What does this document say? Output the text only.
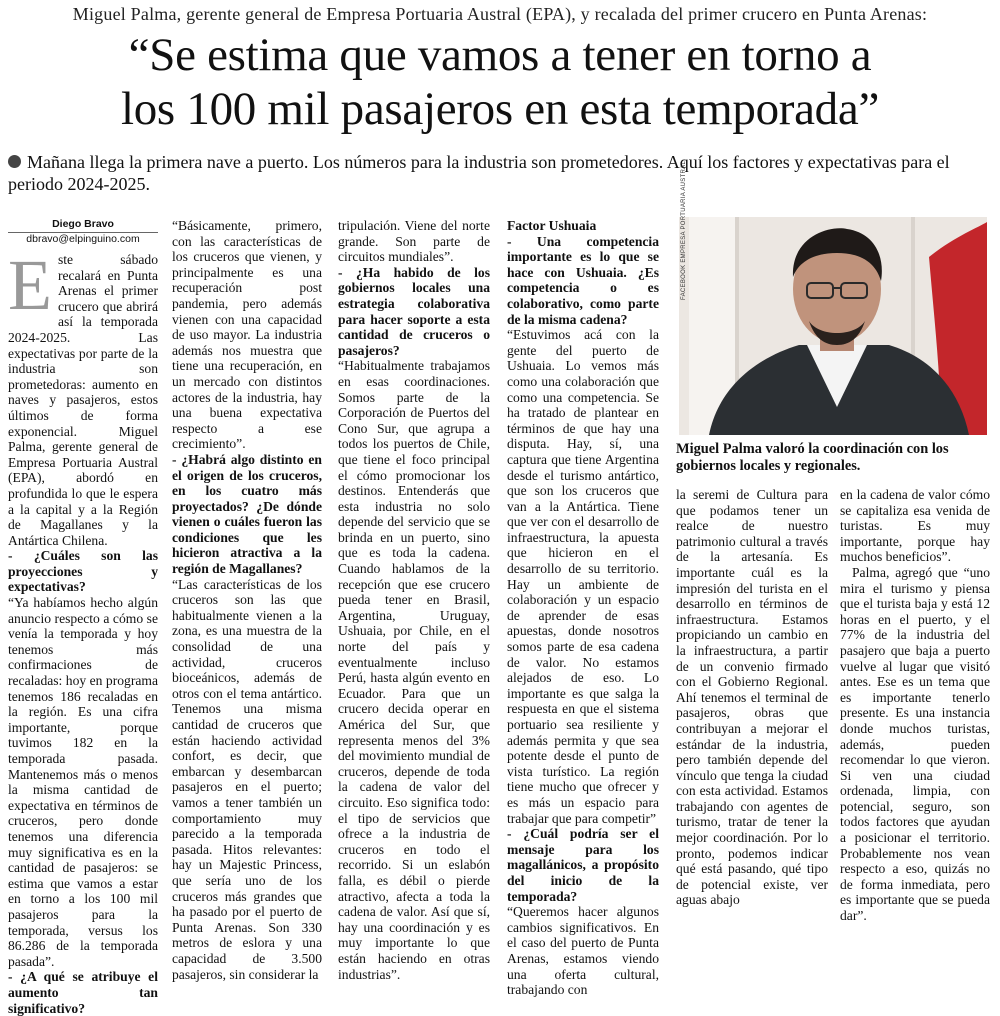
Miguel Palma, gerente general de Empresa Portuaria Austral (EPA), y recalada del primer crucero en Punta Arenas:
“Se estima que vamos a tener en torno a
los 100 mil pasajeros en esta temporada”
Mañana llega la primera nave a puerto. Los números para la industria son prometedores. Aquí los factores y expectativas para el periodo 2024-2025.
Diego Bravo
dbravo@elpinguino.com

Este sábado recalará en Punta Arenas el primer crucero que abrirá así la temporada 2024-2025. Las expectativas por parte de la industria son prometedoras: aumento en naves y pasajeros, estos últimos de forma exponencial. Miguel Palma, gerente general de Empresa Portuaria Austral (EPA), abordó en profundida lo que le espera a la capital y a la Región de Magallanes y la Antártica Chilena.

- ¿Cuáles son las proyecciones y expectativas?

“Ya habíamos hecho algún anuncio respecto a cómo se venía la temporada y hoy tenemos más confirmaciones de recaladas: hoy en programa tenemos 186 recaladas en la región. Es una cifra importante, porque tuvimos 182 en la temporada pasada. Mantenemos más o menos la misma cantidad de expectativa en términos de cruceros, pero donde tenemos una diferencia muy significativa es en la cantidad de pasajeros: se estima que vamos a estar en torno a los 100 mil pasajeros para la temporada, versus los 86.286 de la temporada pasada”.

- ¿A qué se atribuye el aumento tan significativo?

“Básicamente, primero, con las características de los cruceros que vienen, y principalmente es una recuperación post pandemia, pero además vienen con una capacidad de uso mayor. La industria además nos muestra que tiene una recuperación, en un mercado con distintos actores de la industria, hay una buena expectativa respecto a ese crecimiento”.

- ¿Habrá algo distinto en el origen de los cruceros, en los cuatro más proyectados? ¿De dónde vienen o cuáles fueron las condiciones que les hicieron atractiva a la región de Magallanes?

“Las características de los cruceros son las que habitualmente vienen a la zona, es una muestra de la consolidad de una actividad, cruceros bioceánicos, además de otros con el tema antártico. Tenemos una misma cantidad de cruceros que están haciendo actividad confort, es decir, que embarcan y desembarcan pasajeros en el puerto; vamos a tener también un comportamiento muy parecido a la temporada pasada. Hitos relevantes: hay un Majestic Princess, que sería uno de los cruceros más grandes que ha pasado por el puerto de Punta Arenas. Son 330 metros de eslora y una capacidad de 3.500 pasajeros, sin considerar la

tripulación. Viene del norte grande. Son parte de circuitos mundiales”.

- ¿Ha habido de los gobiernos locales una estrategia colaborativa para hacer soporte a esta cantidad de cruceros o pasajeros?

“Habitualmente trabajamos en esas coordinaciones. Somos parte de la Corporación de Puertos del Cono Sur, que agrupa a todos los puertos de Chile, que tiene el foco principal el cómo promocionar los destinos. Entenderás que esta industria no solo depende del servicio que se brinda en un puerto, sino que es toda la cadena. Cuando hablamos de la recepción que ese crucero pueda tener en Brasil, Argentina, Uruguay, Ushuaia, por Chile, en el norte del país y eventualmente incluso Perú, hasta algún evento en Ecuador. Para que un crucero decida operar en América del Sur, que representa menos del 3% del movimiento mundial de cruceros, depende de toda la cadena de valor del circuito. Eso significa todo: el tipo de servicios que ofrece a la industria de cruceros en todo el recorrido. Si un eslabón falla, es débil o pierde atractivo, afecta a toda la cadena de valor. Así que sí, hay una coordinación y es muy importante lo que están haciendo en otras industrias”.

Factor Ushuaia

- Una competencia importante es lo que se hace con Ushuaia. ¿Es competencia o es colaborativo, como parte de la misma cadena?

“Estuvimos acá con la gente del puerto de Ushuaia. Lo vemos más como una colaboración que como una competencia. Se ha tratado de plantear en términos de que hay una disputa. Hay, sí, una captura que tiene Argentina desde el turismo antártico, que son los cruceros que van a la Antártica. Tiene que ver con el desarrollo de infraestructura, la apuesta que hicieron en el desarrollo de su territorio. Hay un ambiente de colaboración y un espacio de aprender de esas apuestas, donde nosotros somos parte de esa cadena de valor. No estamos alejados de eso. Lo importante es que salga la respuesta en que el sistema portuario sea resiliente y además permita y que sea potente desde el punto de vista turístico. La región tiene mucho que ofrecer y es más un espacio para trabajar que para competir”

- ¿Cuál podría ser el mensaje para los magallánicos, a propósito del inicio de la temporada?

“Queremos hacer algunos cambios significativos. En el caso del puerto de Punta Arenas, estamos viendo una oferta cultural, trabajando con

FACEBOOK EMPRESA PORTUARIA AUSTRAL
Miguel Palma valoró la coordinación con los gobiernos locales y regionales.

la seremi de Cultura para que podamos tener un realce de nuestro patrimonio cultural a través de la artesanía. Es importante cuál es la impresión del turista en el desarrollo en términos de infraestructura. Estamos propiciando un cambio en la infraestructura, a partir de un convenio firmado con el Gobierno Regional. Ahí tenemos el terminal de pasajeros, obras que contribuyan a mejorar el estándar de la industria, pero también depende del vínculo que tenga la ciudad con esta actividad. Estamos trabajando con agentes de turismo, tratar de tener la mejor coordinación. Por lo pronto, podemos indicar qué está pasando, qué tipo de potencial existe, ver aguas abajo

en la cadena de valor cómo se capitaliza esa venida de turistas. Es muy importante, porque hay muchos beneficios”.

Palma, agregó que “uno mira el turismo y piensa que el turista baja y está 12 horas en el puerto, y el 77% de la industria del pasajero que baja a puerto vuelve al lugar que visitó antes. Ese es un tema que es importante tenerlo presente. Es una instancia donde muchos turistas, además, pueden recomendar lo que vieron. Si ven una ciudad ordenada, limpia, con potencial, seguro, son todos factores que ayudan a posicionar el territorio. Probablemente nos vean respecto a eso, quizás no de forma inmediata, pero es importante que se pueda dar”.
